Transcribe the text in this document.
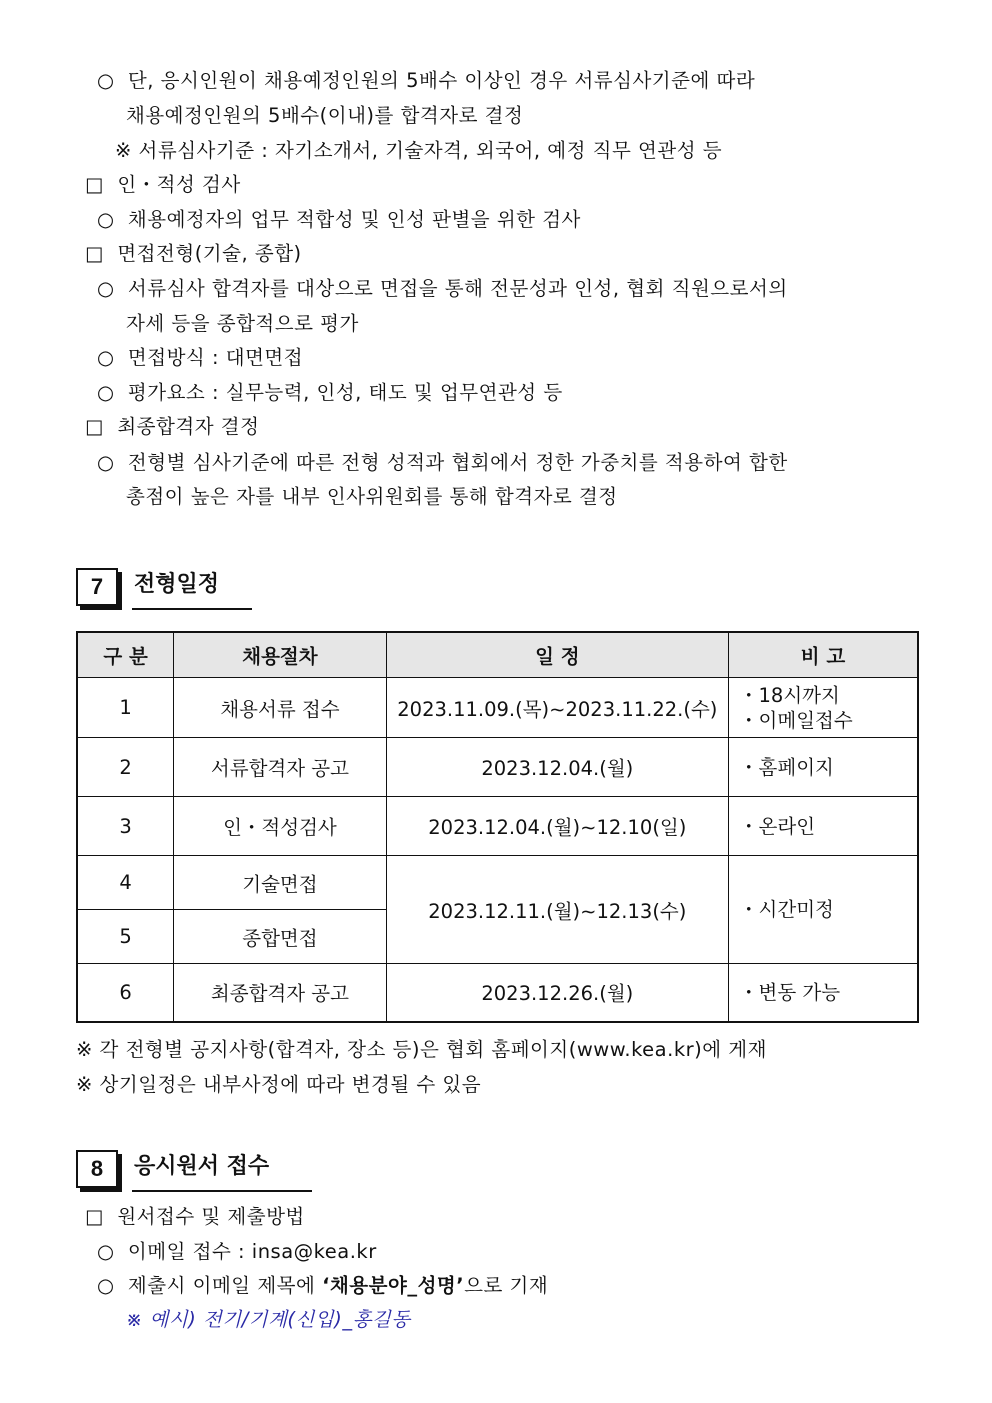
○ 단, 응시인원이 채용예정인원의 5배수 이상인 경우 서류심사기준에 따라
채용예정인원의 5배수(이내)를 합격자로 결정
※ 서류심사기준 : 자기소개서, 기술자격, 외국어, 예정 직무 연관성 등
□ 인・적성 검사
○ 채용예정자의 업무 적합성 및 인성 판별을 위한 검사
□ 면접전형(기술, 종합)
○ 서류심사 합격자를 대상으로 면접을 통해 전문성과 인성, 협회 직원으로서의
자세 등을 종합적으로 평가
○ 면접방식 : 대면면접
○ 평가요소 : 실무능력, 인성, 태도 및 업무연관성 등
□ 최종합격자 결정
○ 전형별 심사기준에 따른 전형 성적과 협회에서 정한 가중치를 적용하여 합한
총점이 높은 자를 내부 인사위원회를 통해 합격자로 결정
7	전형일정
구 분	채용절차	일 정	비 고
1	채용서류 접수	2023.11.09.(목)∼2023.11.22.(수)	・18시까지
・이메일접수

2	서류합격자 공고	2023.12.04.(월)	・홈페이지
3	인・적성검사	2023.12.04.(월)∼12.10(일)	・온라인
4	기술면접	2023.12.11.(월)∼12.13(수)	・시간미정
5	종합면접		
6	최종합격자 공고	2023.12.26.(월)	・변동 가능
※ 각 전형별 공지사항(합격자, 장소 등)은 협회 홈페이지(www.kea.kr)에 게재
※ 상기일정은 내부사정에 따라 변경될 수 있음
8	응시원서 접수
□  원서접수 및 제출방법
○  이메일 접수 : insa@kea.kr
○  제출시 이메일 제목에 ‘채용분야_성명’으로 기재
※ 예시) 전기/기계(신입)_홍길동
